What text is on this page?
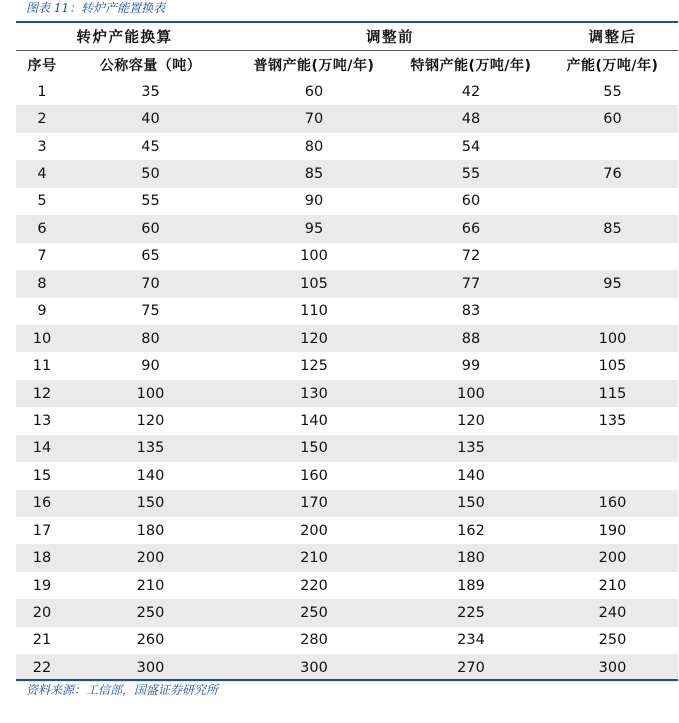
图表 11：转炉产能置换表
转炉产能换算		调整前		调整后
序号	公称容量（吨）	普钢产能(万吨/年)	特钢产能(万吨/年)	产能(万吨/年)
1	35	60	42	55
2	40	70	48	60
3	45	80	54	
4	50	85	55	76
5	55	90	60	
6	60	95	66	85
7	65	100	72	
8	70	105	77	95
9	75	110	83	
10	80	120	88	100
11	90	125	99	105
12	100	130	100	115
13	120	140	120	135
14	135	150	135	
15	140	160	140	
16	150	170	150	160
17	180	200	162	190
18	200	210	180	200
19	210	220	189	210
20	250	250	225	240
21	260	280	234	250
22	300	300	270	300
资料来源：工信部，国盛证券研究所
